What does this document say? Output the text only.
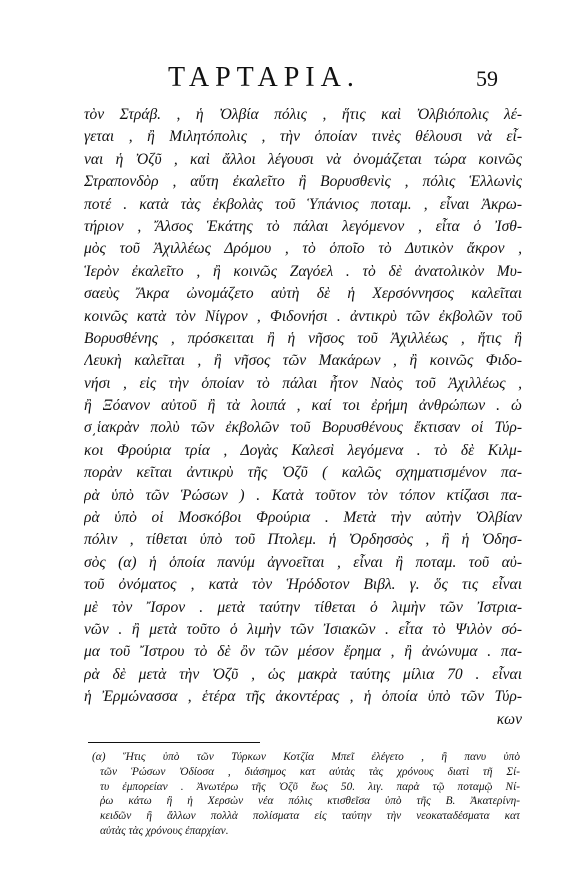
ΤΑΡΤΑΡΙΑ.	59
τὸν Στράβ. , ἡ Ὀλβία πόλις , ἥτις καὶ Ὀλβιόπολις λέ-
γεται , ἢ Μιλητόπολις , τὴν ὁποίαν τινὲς θέλουσι νὰ εἶ-
ναι ἡ Ὀζῦ , καὶ ἄλλοι λέγουσι νὰ ὀνομάζεται τώρα κοινῶς
Στραπονδὸρ , αὕτη ἐκαλεῖτο ἢ Βορυσθενὶς , πόλις Ἑλλωνὶς
ποτέ . κατὰ τὰς ἐκβολὰς τοῦ Ὑπάνιος ποταμ. , εἶναι Ἀκρω-
τήριον , Ἄλσος Ἑκάτης τὸ πάλαι λεγόμενον , εἶτα ὁ Ἰσθ-
μὸς τοῦ Ἀχιλλέως Δρόμου , τὸ ὁποῖο τὸ Δυτικὸν ἄκρον ,
Ἱερὸν ἐκαλεῖτο , ἢ κοινῶς Ζαγόελ . τὸ δὲ ἀνατολικὸν Μυ-
σαεὺς Ἄκρα ὠνομάζετο αὐτὴ δὲ ἡ Χερσόννησος καλεῖται
κοινῶς κατὰ τὸν Νίγρον , Φιδονήσι . ἀντικρὺ τῶν ἐκβολῶν τοῦ
Βορυσθένης , πρόσκειται ἢ ἡ νῆσος τοῦ Ἀχιλλέως , ἥτις ἢ
Λευκὴ καλεῖται , ἢ νῆσος τῶν Μακάρων , ἢ κοινῶς Φιδο-
νήσι , εἰς τὴν ὁποίαν τὸ πάλαι ἦτον Ναὸς τοῦ Ἀχιλλέως ,
ἢ Ξόανον αὐτοῦ ἢ τὰ λοιπά , καί τοι ἐρήμη ἀνθρώπων . ὡ
σ͵ἱακρὰν πολὺ τῶν ἐκβολῶν τοῦ Βορυσθένους ἔκτισαν οἱ Τύρ-
κοι Φρούρια τρία , Δογὰς Καλεσὶ λεγόμενα . τὸ δὲ Κιλμ-
πορὰν κεῖται ἀντικρὺ τῆς Ὀζῦ ( καλῶς σχηματισμένον πα-
ρὰ ὑπὸ τῶν Ῥώσων ) . Κατὰ τοῦτον τὸν τόπον κτίζασι πα-
ρὰ ὑπὸ οἱ Μοσκόβοι Φρούρια . Μετὰ τὴν αὐτὴν Ὀλβίαν
πόλιν , τίθεται ὑπὸ τοῦ Πτολεμ. ἡ Ὀρδησσὸς , ἢ ἡ Ὀδησ-
σὸς (α) ἡ ὁποία πανύμ ἀγνοεῖται , εἶναι ἢ ποταμ. τοῦ αὐ-
τοῦ ὀνόματος , κατὰ τὸν Ἡρόδοτον Βιβλ. γ. ὅς τις εἶναι
μὲ τὸν Ἴσρον . μετὰ ταύτην τίθεται ὁ λιμὴν τῶν Ἰστρια-
νῶν . ἢ μετὰ τοῦτο ὁ λιμὴν τῶν Ἰσιακῶν . εἶτα τὸ Ψιλὸν σό-
μα τοῦ Ἴστρου τὸ δὲ ὂν τῶν μέσον ἔρημα , ἢ ἀνώνυμα . πα-
ρὰ δὲ μετὰ τὴν Ὀζῦ , ὡς μακρὰ ταύτης μίλια 70 . εἶναι
ἡ Ἐρμώνασσα , ἑτέρα τῆς ἀκοντέρας , ἡ ὁποία ὑπὸ τῶν Τύρ-
κων
(α) Ἥτις ὑπὸ τῶν Τύρκων Κοτζία Μπεῖ ἐλέγετο , ἢ πανυ ὑπὸ
τῶν Ῥώσων Ὀδίοσα , διάσημος κατ αὐτὰς τὰς χρόνους διατὶ τῆ Σί-
τυ ἐμπορείαν . Ἀνωτέρω τῆς Ὀζῦ ἕως 50. λιγ. παρὰ τῷ ποταμῷ Νί-
ῥω κάτω ἢ ἡ Χερσὼν νέα πόλις κτισθεῖσα ὑπὸ τῆς Β. Ἀκατερίνη-
κειδῶν ἢ ἄλλων πολλὰ πολίσματα εἰς ταύτην τὴν νεοκαταδέσματα κατ
αὐτὰς τὰς χρόνους ἐπαρχίαν.
